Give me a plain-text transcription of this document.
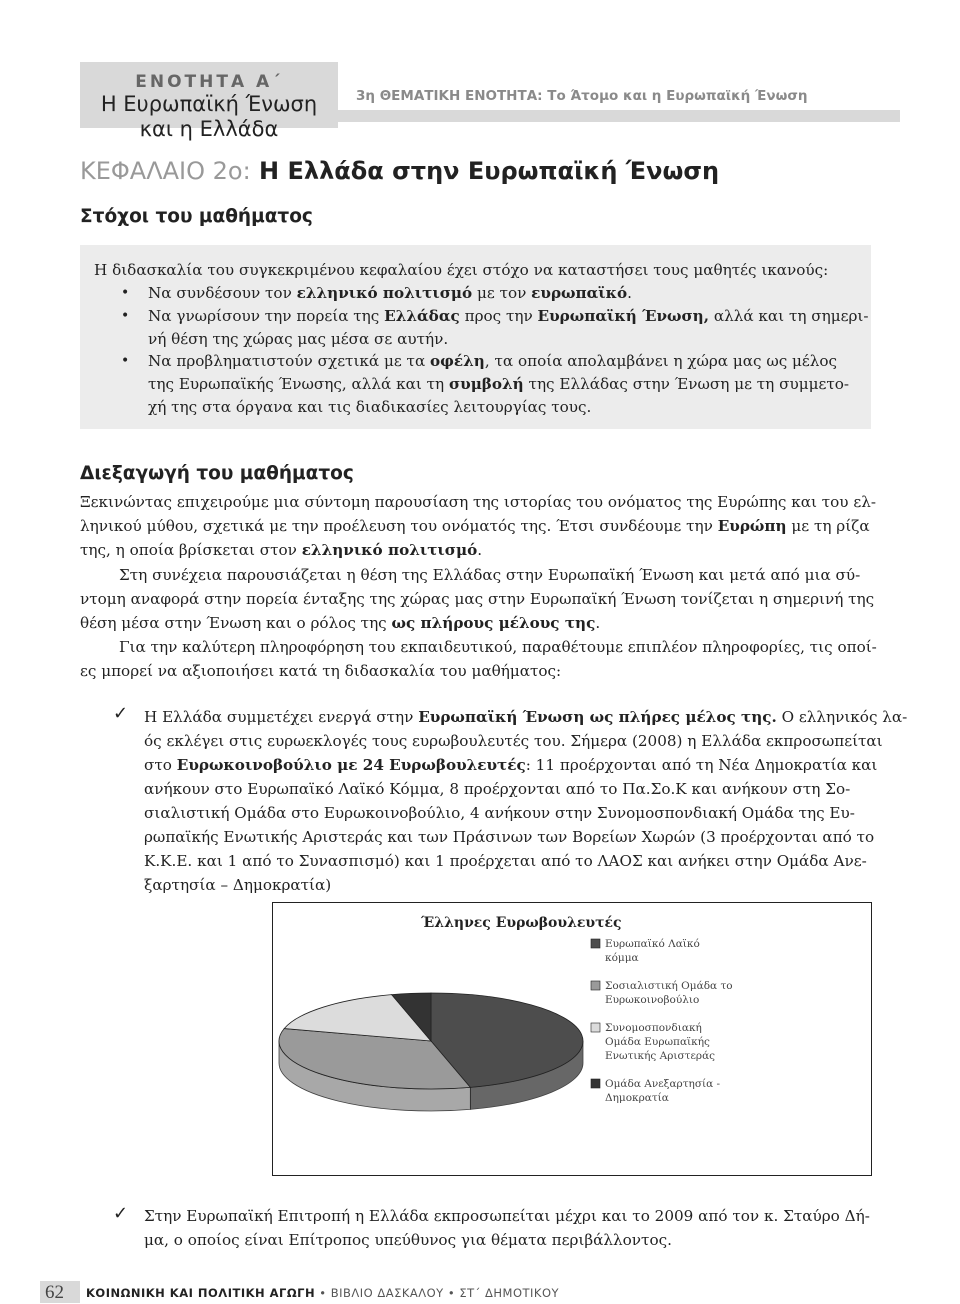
ΕΝΟΤΗΤΑ Α΄
Η Ευρωπαϊκή Ένωση
και η Ελλάδα
3η ΘΕΜΑΤΙΚΗ ΕΝΟΤΗΤΑ: Το Άτομο και η Ευρωπαϊκή Ένωση
ΚΕΦΑΛΑΙΟ 2ο: Η Ελλάδα στην Ευρωπαϊκή Ένωση
Στόχοι του μαθήματος
Η διδασκαλία του συγκεκριμένου κεφαλαίου έχει στόχο να καταστήσει τους μαθητές ικανούς:
• Να συνδέσουν τον ελληνικό πολιτισμό με τον ευρωπαϊκό.
• Να γνωρίσουν την πορεία της Ελλάδας προς την Ευρωπαϊκή Ένωση, αλλά και τη σημερι-
νή θέση της χώρας μας μέσα σε αυτήν.
• Να προβληματιστούν σχετικά με τα οφέλη, τα οποία απολαμβάνει η χώρα μας ως μέλος
της Ευρωπαϊκής Ένωσης, αλλά και τη συμβολή της Ελλάδας στην Ένωση με τη συμμετο-
χή της στα όργανα και τις διαδικασίες λειτουργίας τους.
Διεξαγωγή του μαθήματος
Ξεκινώντας επιχειρούμε μια σύντομη παρουσίαση της ιστορίας του ονόματος της Ευρώπης και του ελ-
ληνικού μύθου, σχετικά με την προέλευση του ονόματός της. Έτσι συνδέουμε την Ευρώπη με τη ρίζα
της, η οποία βρίσκεται στον ελληνικό πολιτισμό.
Στη συνέχεια παρουσιάζεται η θέση της Ελλάδας στην Ευρωπαϊκή Ένωση και μετά από μια σύ-
ντομη αναφορά στην πορεία ένταξης της χώρας μας στην Ευρωπαϊκή Ένωση τονίζεται η σημερινή της
θέση μέσα στην Ένωση και ο ρόλος της ως πλήρους μέλους της.
Για την καλύτερη πληροφόρηση του εκπαιδευτικού, παραθέτουμε επιπλέον πληροφορίες, τις οποί-
ες μπορεί να αξιοποιήσει κατά τη διδασκαλία του μαθήματος:
✓ Η Ελλάδα συμμετέχει ενεργά στην Ευρωπαϊκή Ένωση ως πλήρες μέλος της. Ο ελληνικός λα-
ός εκλέγει στις ευρωεκλογές τους ευρωβουλευτές του. Σήμερα (2008) η Ελλάδα εκπροσωπείται
στο Ευρωκοινοβούλιο με 24 Ευρωβουλευτές: 11 προέρχονται από τη Νέα Δημοκρατία και
ανήκουν στο Ευρωπαϊκό Λαϊκό Κόμμα, 8 προέρχονται από το Πα.Σο.Κ και ανήκουν στη Σο-
σιαλιστική Ομάδα στο Ευρωκοινοβούλιο, 4 ανήκουν στην Συνομοσπονδιακή Ομάδα της Ευ-
ρωπαϊκής Ενωτικής Αριστεράς και των Πράσινων των Βορείων Χωρών (3 προέρχονται από το
Κ.Κ.Ε. και 1 από το Συνασπισμό) και 1 προέρχεται από το ΛΑΟΣ και ανήκει στην Ομάδα Ανε-
ξαρτησία – Δημοκρατία)
Έλληνες Ευρωβουλευτές
Ευρωπαϊκό Λαϊκό
κόμμα
Σοσιαλιστική Ομάδα το
Ευρωκοινοβούλιο
Συνομοσπονδιακή
Ομάδα Ευρωπαϊκής
Ενωτικής Αριστεράς
Ομάδα Ανεξαρτησία -
Δημοκρατία
✓ Στην Ευρωπαϊκή Επιτροπή η Ελλάδα εκπροσωπείται μέχρι και το 2009 από τον κ. Σταύρο Δή-
μα, ο οποίος είναι Επίτροπος υπεύθυνος για θέματα περιβάλλοντος.
62 ΚΟΙΝΩΝΙΚΗ ΚΑΙ ΠΟΛΙΤΙΚΗ ΑΓΩΓΗ • ΒΙΒΛΙΟ ΔΑΣΚΑΛΟΥ • ΣΤ΄ ΔΗΜΟΤΙΚΟΥ
